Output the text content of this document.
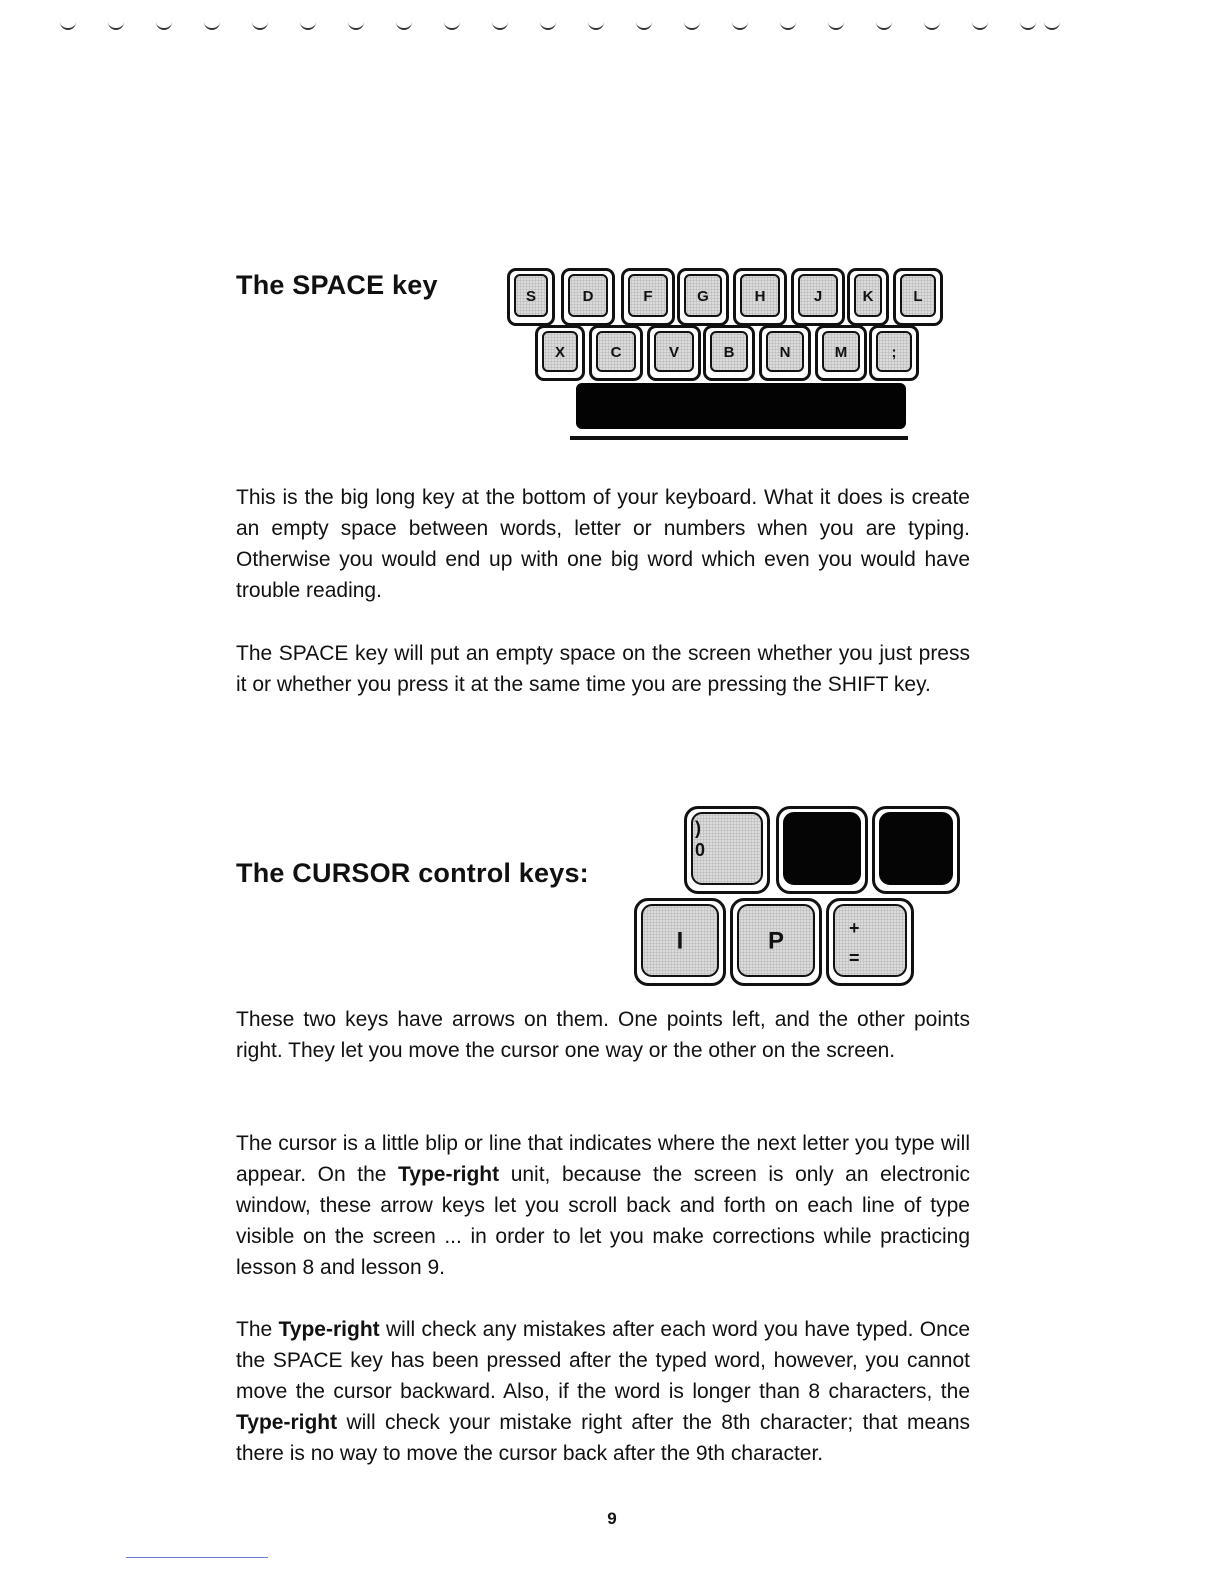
The SPACE key	S	D	F	G	H	J	K	L
X	C	V	B	N	M	;

This is the big long key at the bottom of your keyboard. What it does is create an empty space between words, letter or numbers when you are typing. Otherwise you would end up with one big word which even you would have trouble reading.

The SPACE key will put an empty space on the screen whether you just press it or whether you press it at the same time you are pressing the SHIFT key.

The CURSOR control keys:
)
0
I	P	+
=

These two keys have arrows on them. One points left, and the other points right. They let you move the cursor one way or the other on the screen.

The cursor is a little blip or line that indicates where the next letter you type will appear. On the Type-right unit, because the screen is only an electronic window, these arrow keys let you scroll back and forth on each line of type visible on the screen ... in order to let you make corrections while practicing lesson 8 and lesson 9.

The Type-right will check any mistakes after each word you have typed. Once the SPACE key has been pressed after the typed word, however, you cannot move the cursor backward. Also, if the word is longer than 8 characters, the Type-right will check your mistake right after the 8th character; that means there is no way to move the cursor back after the 9th character.

9
